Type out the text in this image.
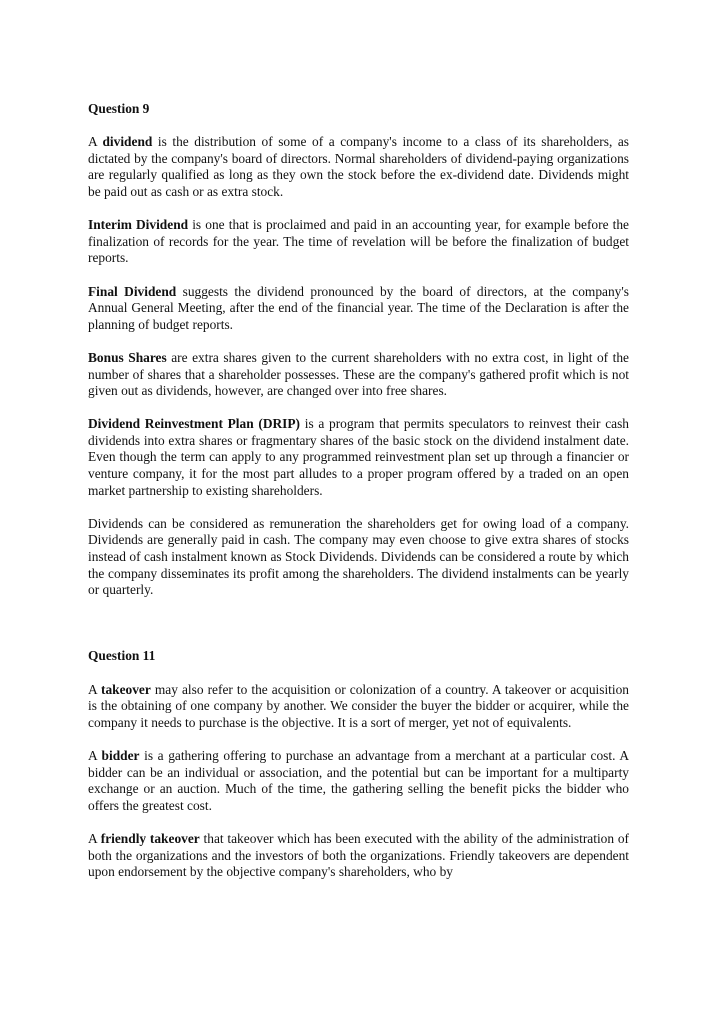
Question 9

A dividend is the distribution of some of a company's income to a class of its shareholders, as dictated by the company's board of directors. Normal shareholders of dividend-paying organizations are regularly qualified as long as they own the stock before the ex-dividend date. Dividends might be paid out as cash or as extra stock.

Interim Dividend is one that is proclaimed and paid in an accounting year, for example before the finalization of records for the year. The time of revelation will be before the finalization of budget reports.

Final Dividend suggests the dividend pronounced by the board of directors, at the company's Annual General Meeting, after the end of the financial year. The time of the Declaration is after the planning of budget reports.

Bonus Shares are extra shares given to the current shareholders with no extra cost, in light of the number of shares that a shareholder possesses. These are the company's gathered profit which is not given out as dividends, however, are changed over into free shares.

Dividend Reinvestment Plan (DRIP) is a program that permits speculators to reinvest their cash dividends into extra shares or fragmentary shares of the basic stock on the dividend instalment date. Even though the term can apply to any programmed reinvestment plan set up through a financier or venture company, it for the most part alludes to a proper program offered by a traded on an open market partnership to existing shareholders.

Dividends can be considered as remuneration the shareholders get for owing load of a company. Dividends are generally paid in cash. The company may even choose to give extra shares of stocks instead of cash instalment known as Stock Dividends. Dividends can be considered a route by which the company disseminates its profit among the shareholders. The dividend instalments can be yearly or quarterly.

Question 11

A takeover may also refer to the acquisition or colonization of a country. A takeover or acquisition is the obtaining of one company by another. We consider the buyer the bidder or acquirer, while the company it needs to purchase is the objective. It is a sort of merger, yet not of equivalents.

A bidder is a gathering offering to purchase an advantage from a merchant at a particular cost. A bidder can be an individual or association, and the potential but can be important for a multiparty exchange or an auction. Much of the time, the gathering selling the benefit picks the bidder who offers the greatest cost.

A friendly takeover that takeover which has been executed with the ability of the administration of both the organizations and the investors of both the organizations. Friendly takeovers are dependent upon endorsement by the objective company's shareholders, who by
